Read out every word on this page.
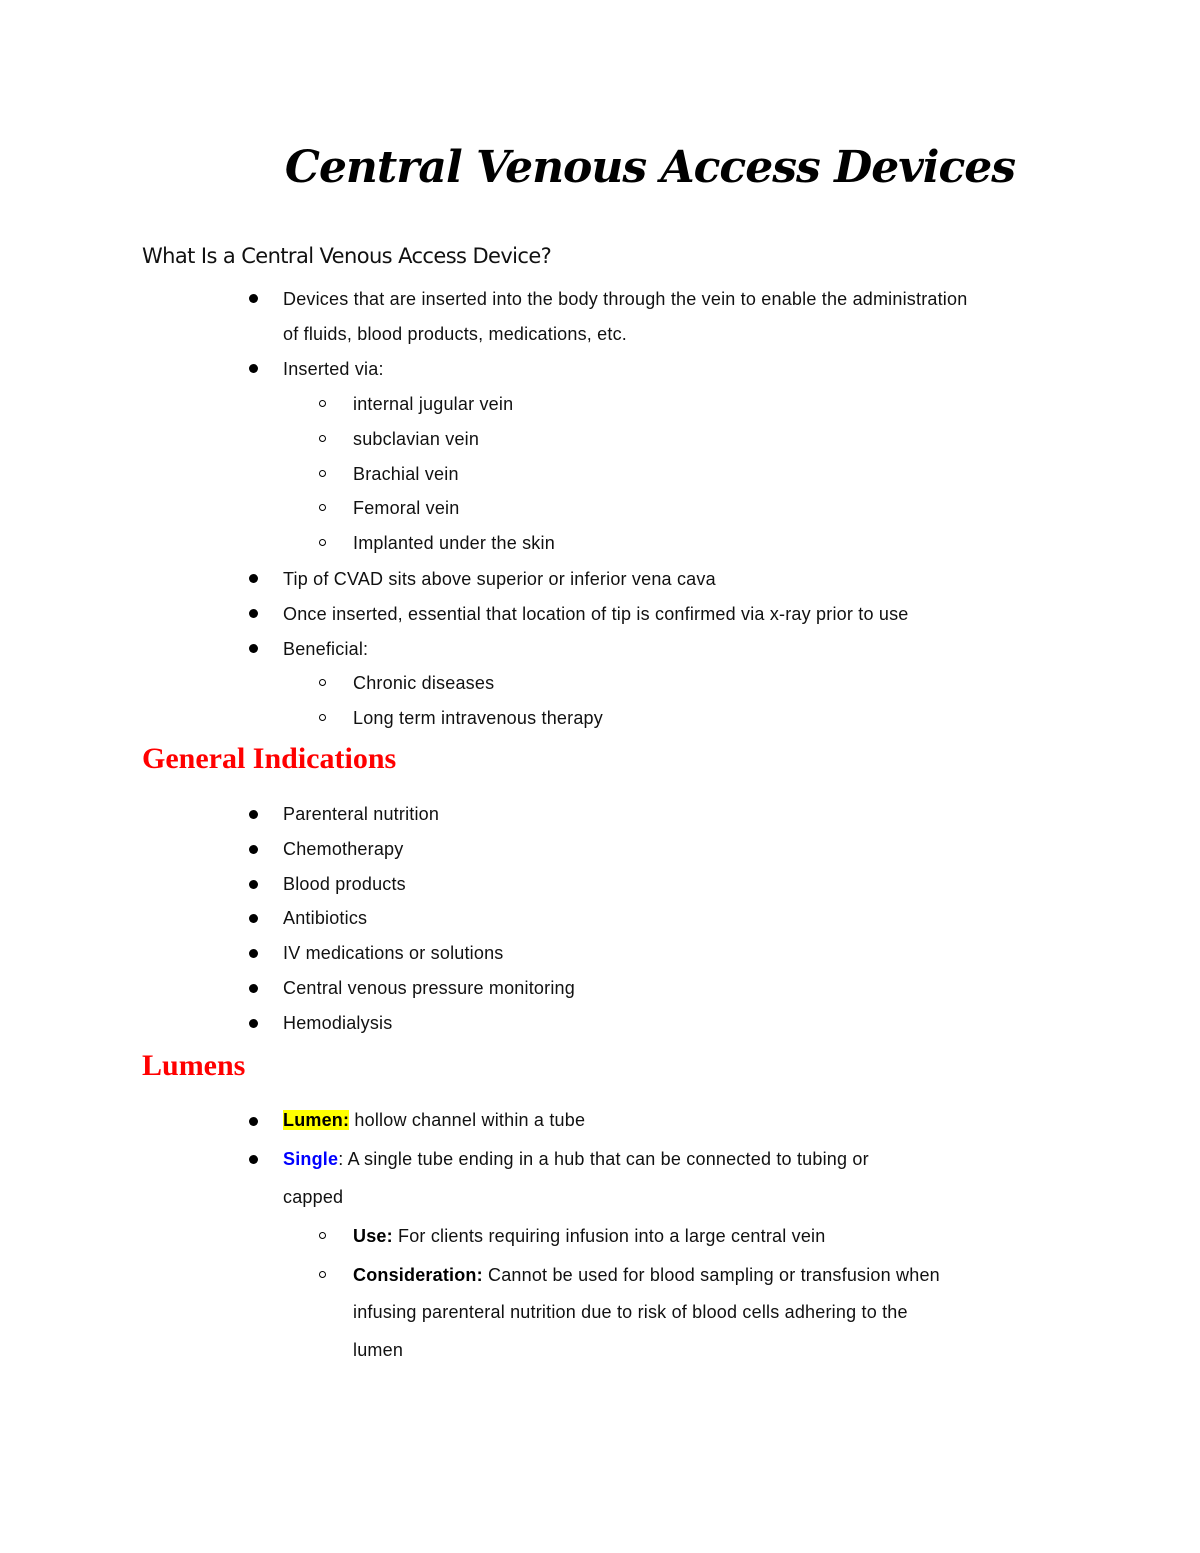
Central Venous Access Devices
What Is a Central Venous Access Device?
Devices that are inserted into the body through the vein to enable the administration
of fluids, blood products, medications, etc.
Inserted via:
internal jugular vein
subclavian vein
Brachial vein
Femoral vein
Implanted under the skin
Tip of CVAD sits above superior or inferior vena cava
Once inserted, essential that location of tip is confirmed via x-ray prior to use
Beneficial:
Chronic diseases
Long term intravenous therapy
General Indications
Parenteral nutrition
Chemotherapy
Blood products
Antibiotics
IV medications or solutions
Central venous pressure monitoring
Hemodialysis
Lumens
Lumen: hollow channel within a tube
Single: A single tube ending in a hub that can be connected to tubing or
capped
Use: For clients requiring infusion into a large central vein
Consideration: Cannot be used for blood sampling or transfusion when
infusing parenteral nutrition due to risk of blood cells adhering to the
lumen
